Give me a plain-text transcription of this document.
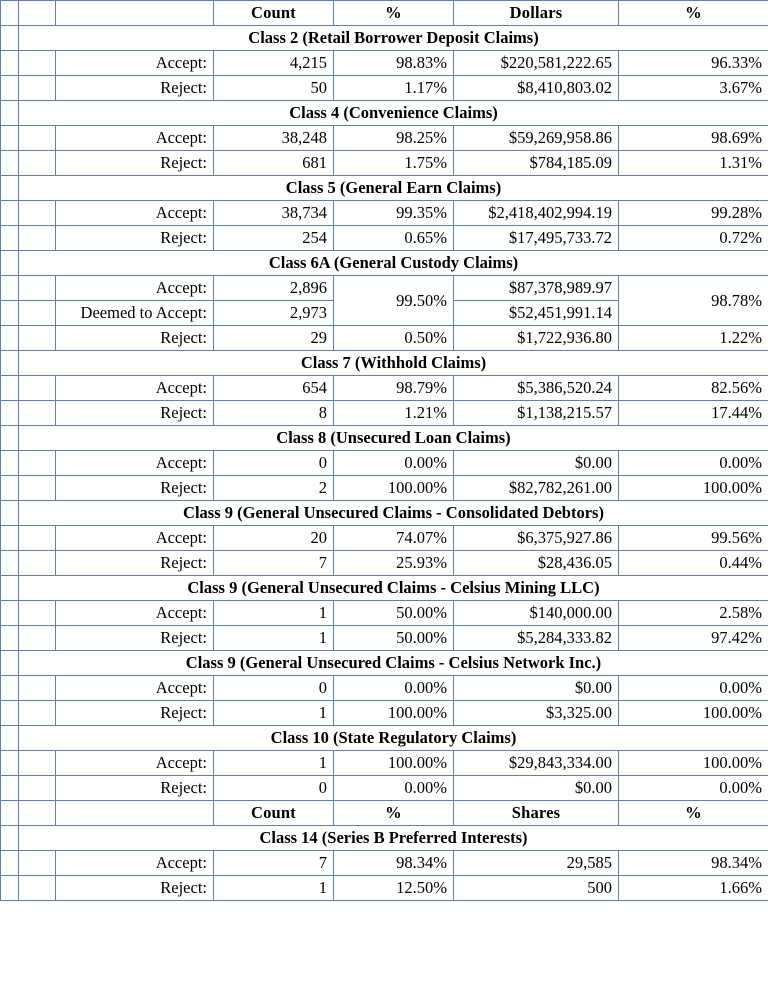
			Count	%	Dollars	%
	Class 2 (Retail Borrower Deposit Claims)					
		Accept:	4,215	98.83%	$220,581,222.65	96.33%
		Reject:	50	1.17%	$8,410,803.02	3.67%
	Class 4 (Convenience Claims)					
		Accept:	38,248	98.25%	$59,269,958.86	98.69%
		Reject:	681	1.75%	$784,185.09	1.31%
	Class 5 (General Earn Claims)					
		Accept:	38,734	99.35%	$2,418,402,994.19	99.28%
		Reject:	254	0.65%	$17,495,733.72	0.72%
	Class 6A (General Custody Claims)					
		Accept:	2,896	99.50%	$87,378,989.97	98.78%
		Deemed to Accept:	2,973		$52,451,991.14	
		Reject:	29	0.50%	$1,722,936.80	1.22%
	Class 7 (Withhold Claims)					
		Accept:	654	98.79%	$5,386,520.24	82.56%
		Reject:	8	1.21%	$1,138,215.57	17.44%
	Class 8 (Unsecured Loan Claims)					
		Accept:	0	0.00%	$0.00	0.00%
		Reject:	2	100.00%	$82,782,261.00	100.00%
	Class 9 (General Unsecured Claims - Consolidated Debtors)					
		Accept:	20	74.07%	$6,375,927.86	99.56%
		Reject:	7	25.93%	$28,436.05	0.44%
	Class 9 (General Unsecured Claims - Celsius Mining LLC)					
		Accept:	1	50.00%	$140,000.00	2.58%
		Reject:	1	50.00%	$5,284,333.82	97.42%
	Class 9 (General Unsecured Claims - Celsius Network Inc.)					
		Accept:	0	0.00%	$0.00	0.00%
		Reject:	1	100.00%	$3,325.00	100.00%
	Class 10 (State Regulatory Claims)					
		Accept:	1	100.00%	$29,843,334.00	100.00%
		Reject:	0	0.00%	$0.00	0.00%
			Count	%	Shares	%
	Class 14 (Series B Preferred Interests)					
		Accept:	7	98.34%	29,585	98.34%
		Reject:	1	12.50%	500	1.66%
